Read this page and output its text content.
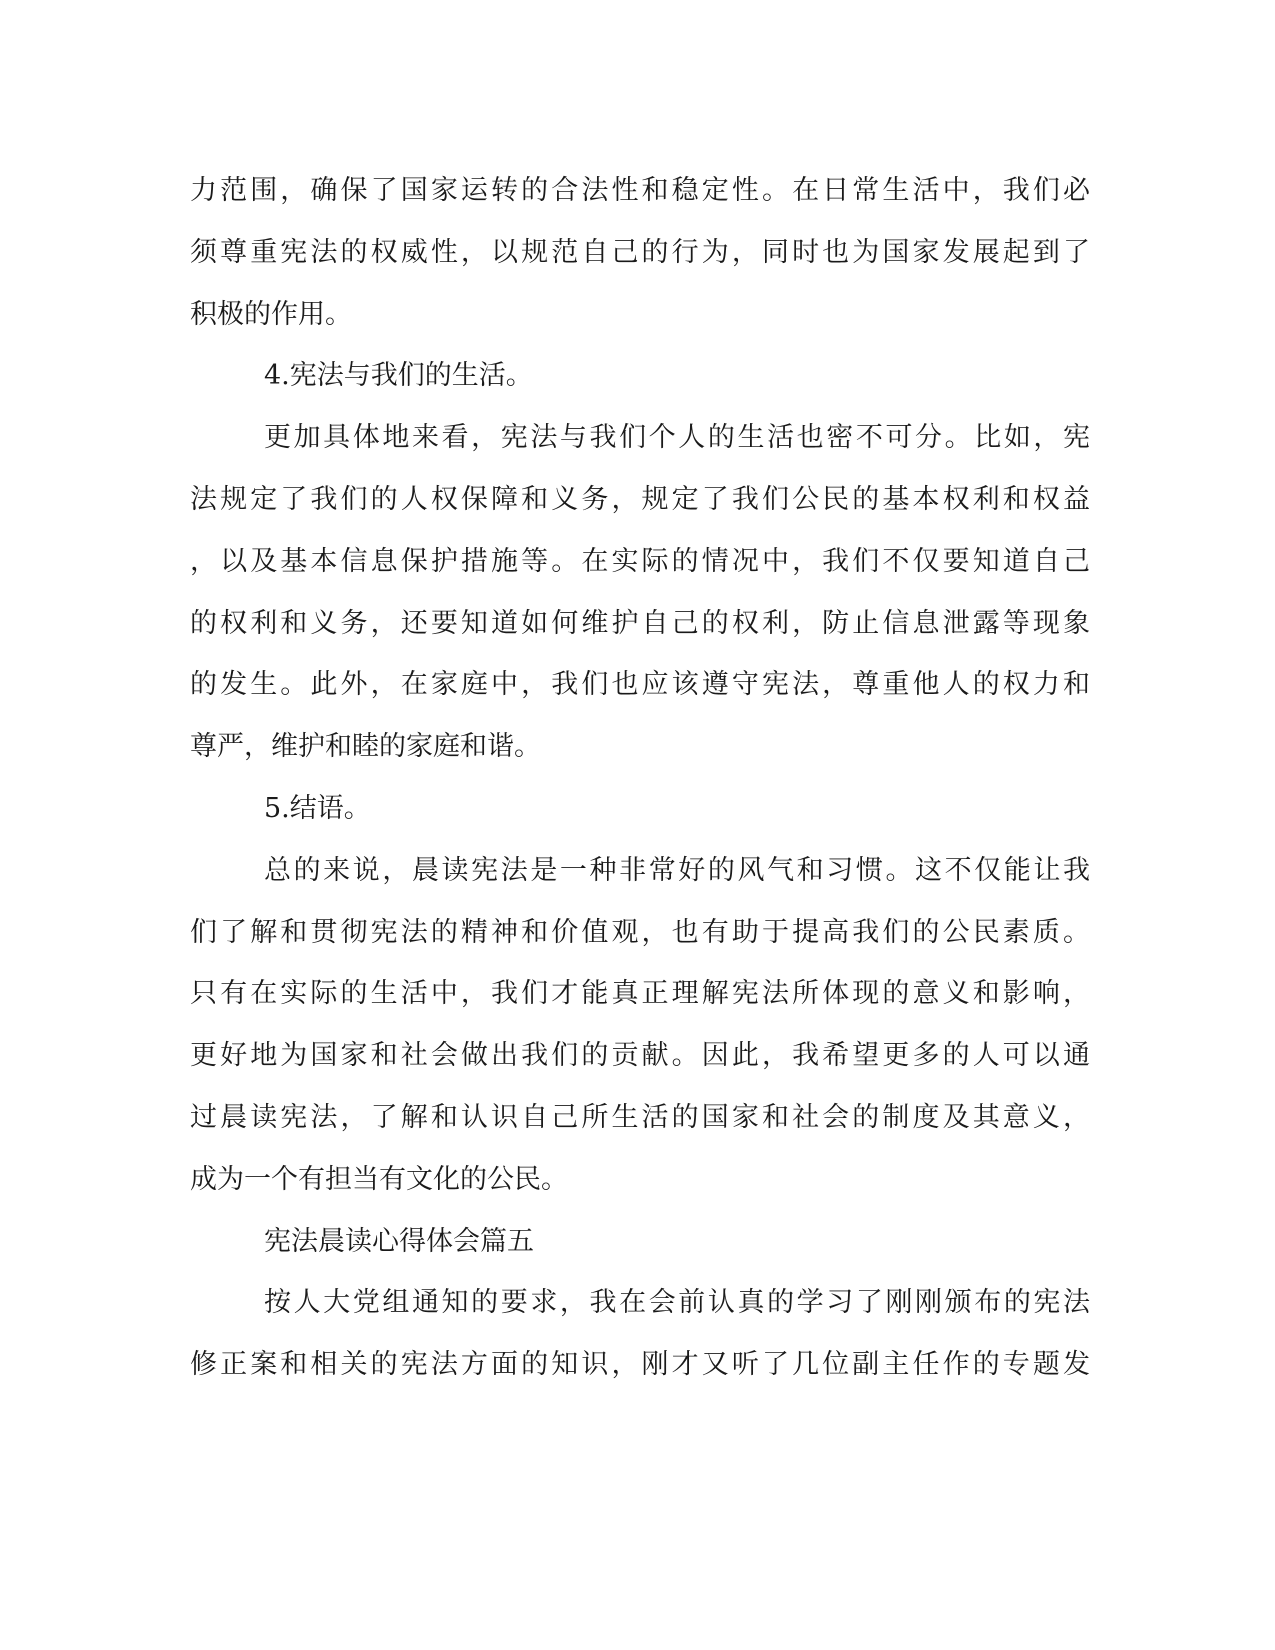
力范围，确保了国家运转的合法性和稳定性。在日常生活中，我们必
须尊重宪法的权威性，以规范自己的行为，同时也为国家发展起到了
积极的作用。
4.宪法与我们的生活。
更加具体地来看，宪法与我们个人的生活也密不可分。比如，宪
法规定了我们的人权保障和义务，规定了我们公民的基本权利和权益
，以及基本信息保护措施等。在实际的情况中，我们不仅要知道自己
的权利和义务，还要知道如何维护自己的权利，防止信息泄露等现象
的发生。此外，在家庭中，我们也应该遵守宪法，尊重他人的权力和
尊严，维护和睦的家庭和谐。
5.结语。
总的来说，晨读宪法是一种非常好的风气和习惯。这不仅能让我
们了解和贯彻宪法的精神和价值观，也有助于提高我们的公民素质。
只有在实际的生活中，我们才能真正理解宪法所体现的意义和影响，
更好地为国家和社会做出我们的贡献。因此，我希望更多的人可以通
过晨读宪法，了解和认识自己所生活的国家和社会的制度及其意义，
成为一个有担当有文化的公民。
宪法晨读心得体会篇五
按人大党组通知的要求，我在会前认真的学习了刚刚颁布的宪法
修正案和相关的宪法方面的知识，刚才又听了几位副主任作的专题发
